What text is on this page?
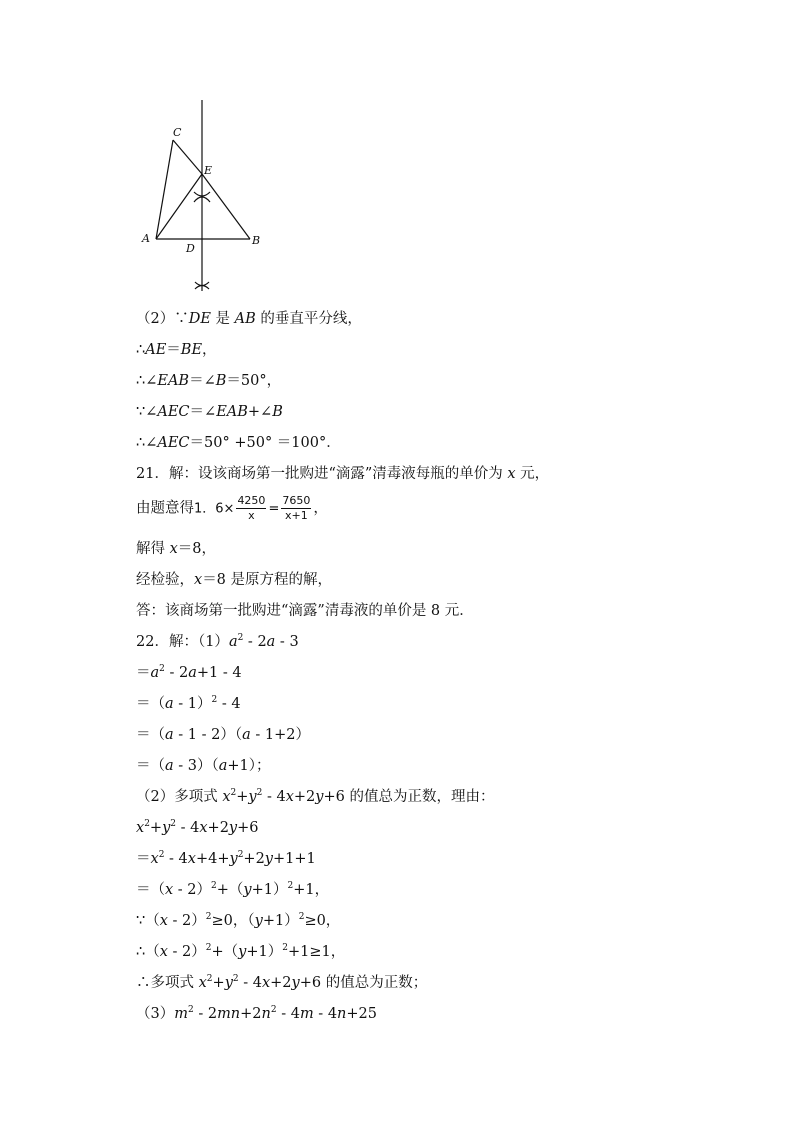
C
E
A
D
B
（2）∵DE 是 AB 的垂直平分线，
∴AE＝BE，
∴∠EAB＝∠B＝50°，
∵∠AEC＝∠EAB+∠B
∴∠AEC＝50° +50° ＝100°．
21．解：设该商场第一批购进“滴露”清毒液每瓶的单价为 x 元，
由题意得1．$6\times \frac{4250}{x} = \frac{7650}{x+1}$ ，
解得 x＝8，
经检验，x＝8 是原方程的解，
答：该商场第一批购进“滴露”清毒液的单价是 8 元．
22．解：$(1)a^2 - 2a - 3$
$=a^2 - 2a+1 - 4$
＝（a - 1）$^2$ - 4
＝（a - 1 - 2）（a - 1+2）
＝（a - 3）（a+1）；
（2）多项式 $x^2+y^2 - 4x+2y+6$ 的值总为正数，理由：
$x^2+y^2 - 4x+2y+6$
$=x^2 - 4x+4+y^2+2y+1+1$
$=(x - 2)^2+(y+1)^2+1$，
∵（x - 2）$^2$≥0，$(y+1)^2\ge 0$，
∴（x - $2)^2+(y+1)^2+1\ge 1$，
∴多项式 $x^2+y^2 - 4x+2y+6$ 的值总为正数；
$(3)m^2 - 2mn+2n^2 - 4m - 4n+25$
